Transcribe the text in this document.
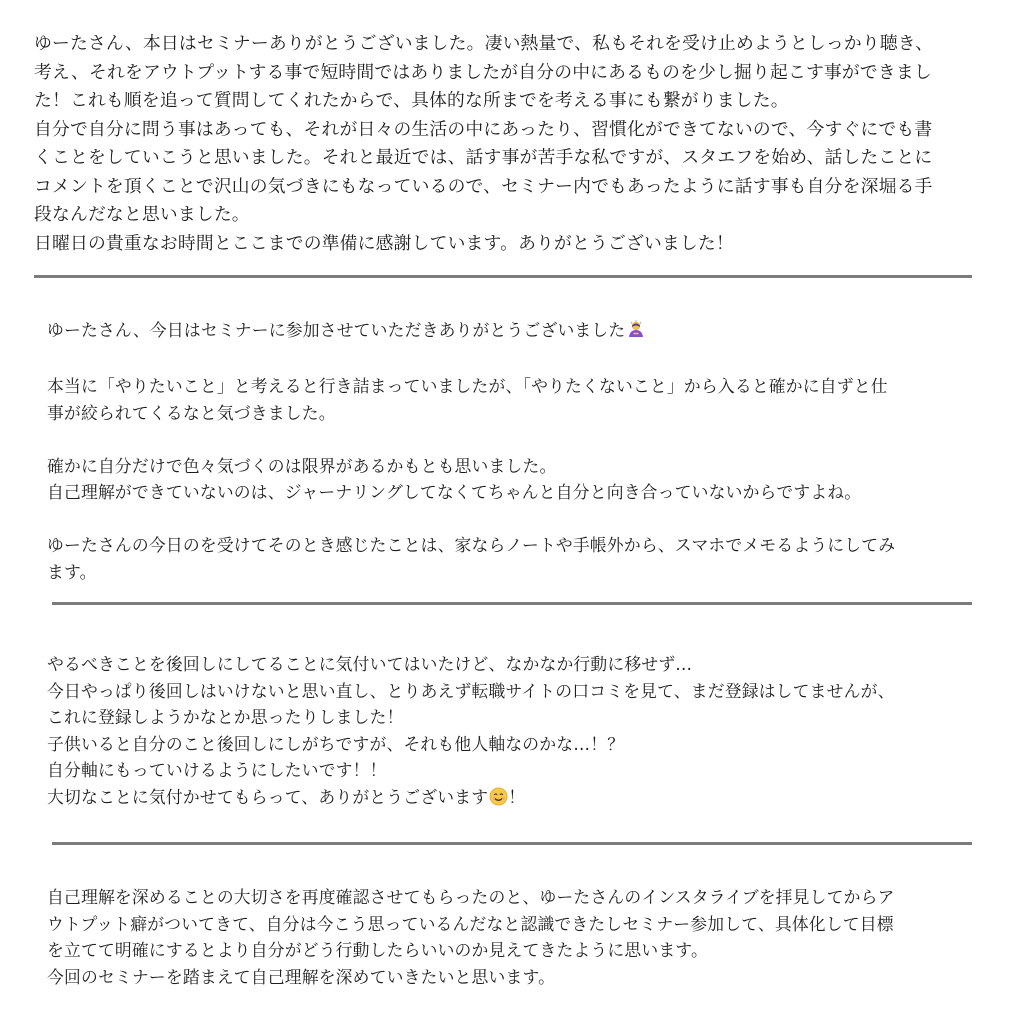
ゆーたさん、本日はセミナーありがとうございました。凄い熱量で、私もそれを受け止めようとしっかり聴き、

考え、それをアウトプットする事で短時間ではありましたが自分の中にあるものを少し掘り起こす事ができまし

た！これも順を追って質問してくれたからで、具体的な所までを考える事にも繋がりました。

自分で自分に問う事はあっても、それが日々の生活の中にあったり、習慣化ができてないので、今すぐにでも書

くことをしていこうと思いました。それと最近では、話す事が苦手な私ですが、スタエフを始め、話したことに

コメントを頂くことで沢山の気づきにもなっているので、セミナー内でもあったように話す事も自分を深堀る手

段なんだなと思いました。

日曜日の貴重なお時間とここまでの準備に感謝しています。ありがとうございました！

ゆーたさん、今日はセミナーに参加させていただきありがとうございました

本当に「やりたいこと」と考えると行き詰まっていましたが、「やりたくないこと」から入ると確かに自ずと仕

事が絞られてくるなと気づきました。

確かに自分だけで色々気づくのは限界があるかもとも思いました。

自己理解ができていないのは、ジャーナリングしてなくてちゃんと自分と向き合っていないからですよね。

ゆーたさんの今日のを受けてそのとき感じたことは、家ならノートや手帳外から、スマホでメモるようにしてみ

ます。

やるべきことを後回しにしてることに気付いてはいたけど、なかなか行動に移せず…

今日やっぱり後回しはいけないと思い直し、とりあえず転職サイトの口コミを見て、まだ登録はしてませんが、

これに登録しようかなとか思ったりしました！

子供いると自分のこと後回しにしがちですが、それも他人軸なのかな…！？

自分軸にもっていけるようにしたいです！！

大切なことに気付かせてもらって、ありがとうございます ！

自己理解を深めることの大切さを再度確認させてもらったのと、ゆーたさんのインスタライブを拝見してからア

ウトプット癖がついてきて、自分は今こう思っているんだなと認識できたしセミナー参加して、具体化して目標

を立てて明確にするとより自分がどう行動したらいいのか見えてきたように思います。

今回のセミナーを踏まえて自己理解を深めていきたいと思います。
